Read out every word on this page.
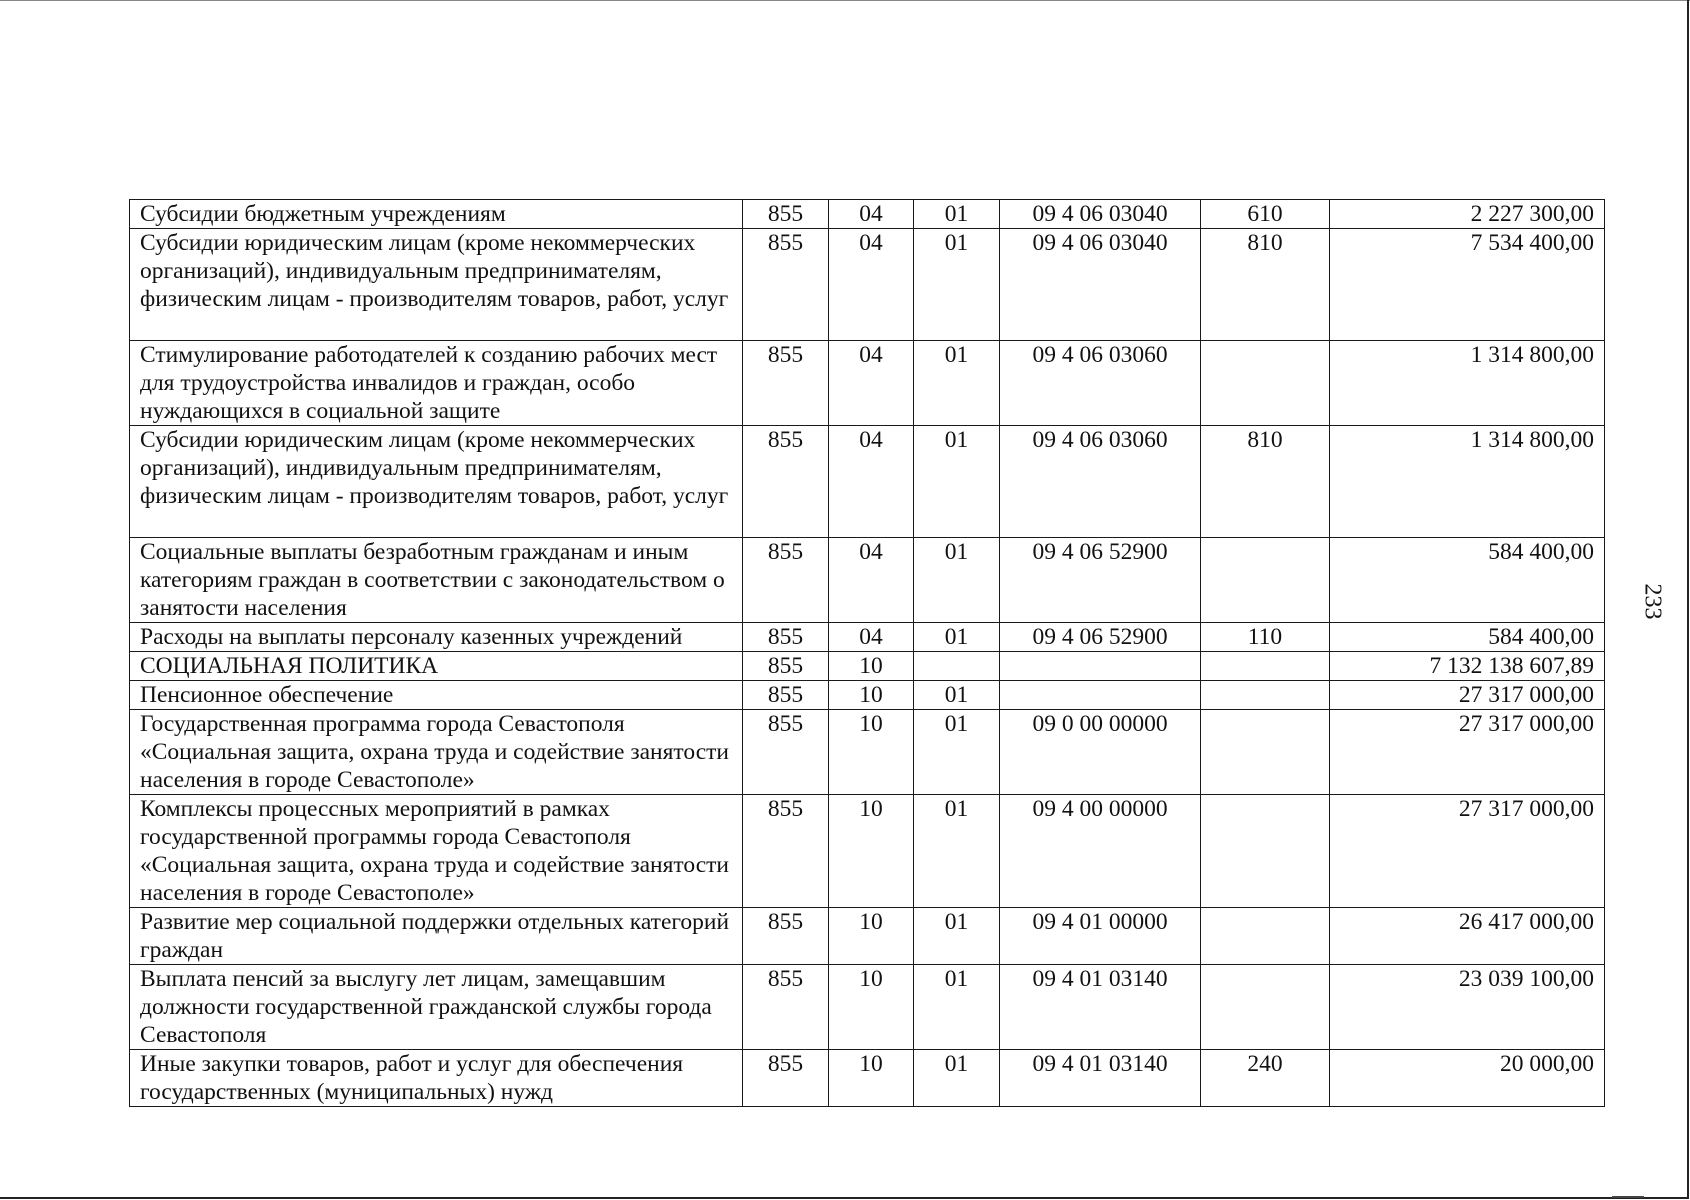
Субсидии бюджетным учреждениям	855	04	01	09 4 06 03040	610	2 227 300,00
Субсидии юридическим лицам (кроме некоммерческих организаций), индивидуальным предпринимателям, физическим лицам - производителям товаров, работ, услуг	855	04	01	09 4 06 03040	810	7 534 400,00
Стимулирование работодателей к созданию рабочих мест для трудоустройства инвалидов и граждан, особо нуждающихся в социальной защите	855	04	01	09 4 06 03060		1 314 800,00
Субсидии юридическим лицам (кроме некоммерческих организаций), индивидуальным предпринимателям, физическим лицам - производителям товаров, работ, услуг	855	04	01	09 4 06 03060	810	1 314 800,00
Социальные выплаты безработным гражданам и иным категориям граждан в соответствии с законодательством о занятости населения	855	04	01	09 4 06 52900		584 400,00
Расходы на выплаты персоналу казенных учреждений	855	04	01	09 4 06 52900	110	584 400,00
СОЦИАЛЬНАЯ ПОЛИТИКА	855	10				7 132 138 607,89
Пенсионное обеспечение	855	10	01			27 317 000,00
Государственная программа города Севастополя «Социальная защита, охрана труда и содействие занятости населения в городе Севастополе»	855	10	01	09 0 00 00000		27 317 000,00
Комплексы процессных мероприятий в рамках государственной программы города Севастополя «Социальная защита, охрана труда и содействие занятости населения в городе Севастополе»	855	10	01	09 4 00 00000		27 317 000,00
Развитие мер социальной поддержки отдельных категорий граждан	855	10	01	09 4 01 00000		26 417 000,00
Выплата пенсий за выслугу лет лицам, замещавшим должности государственной гражданской службы города Севастополя	855	10	01	09 4 01 03140		23 039 100,00
Иные закупки товаров, работ и услуг для обеспечения государственных (муниципальных) нужд	855	10	01	09 4 01 03140	240	20 000,00
233
